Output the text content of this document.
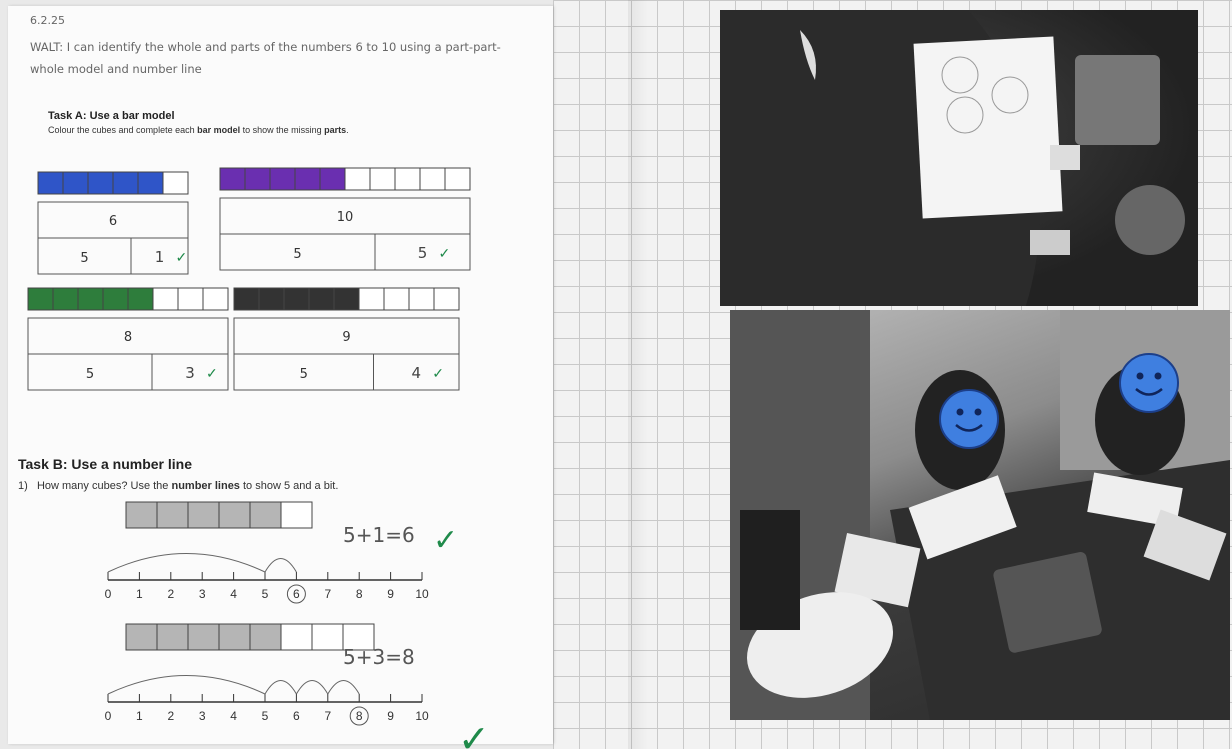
6.2.25
WALT: I can identify the whole and parts of the numbers 6 to 10 using a part-part-whole model and number line
Task A: Use a bar model
Colour the cubes and complete each bar model to show the missing parts.
6
5	1 ✓
10
5	5 ✓
8
5	3 ✓
9
5	4 ✓
Task B: Use a number line
1) How many cubes? Use the number lines to show 5 and a bit.
0 1 2 3 4 5 6 7 8 9 10
5+1=6 ✓
0 1 2 3 4 5 6 7 8 9 10
5+3=8
✓
